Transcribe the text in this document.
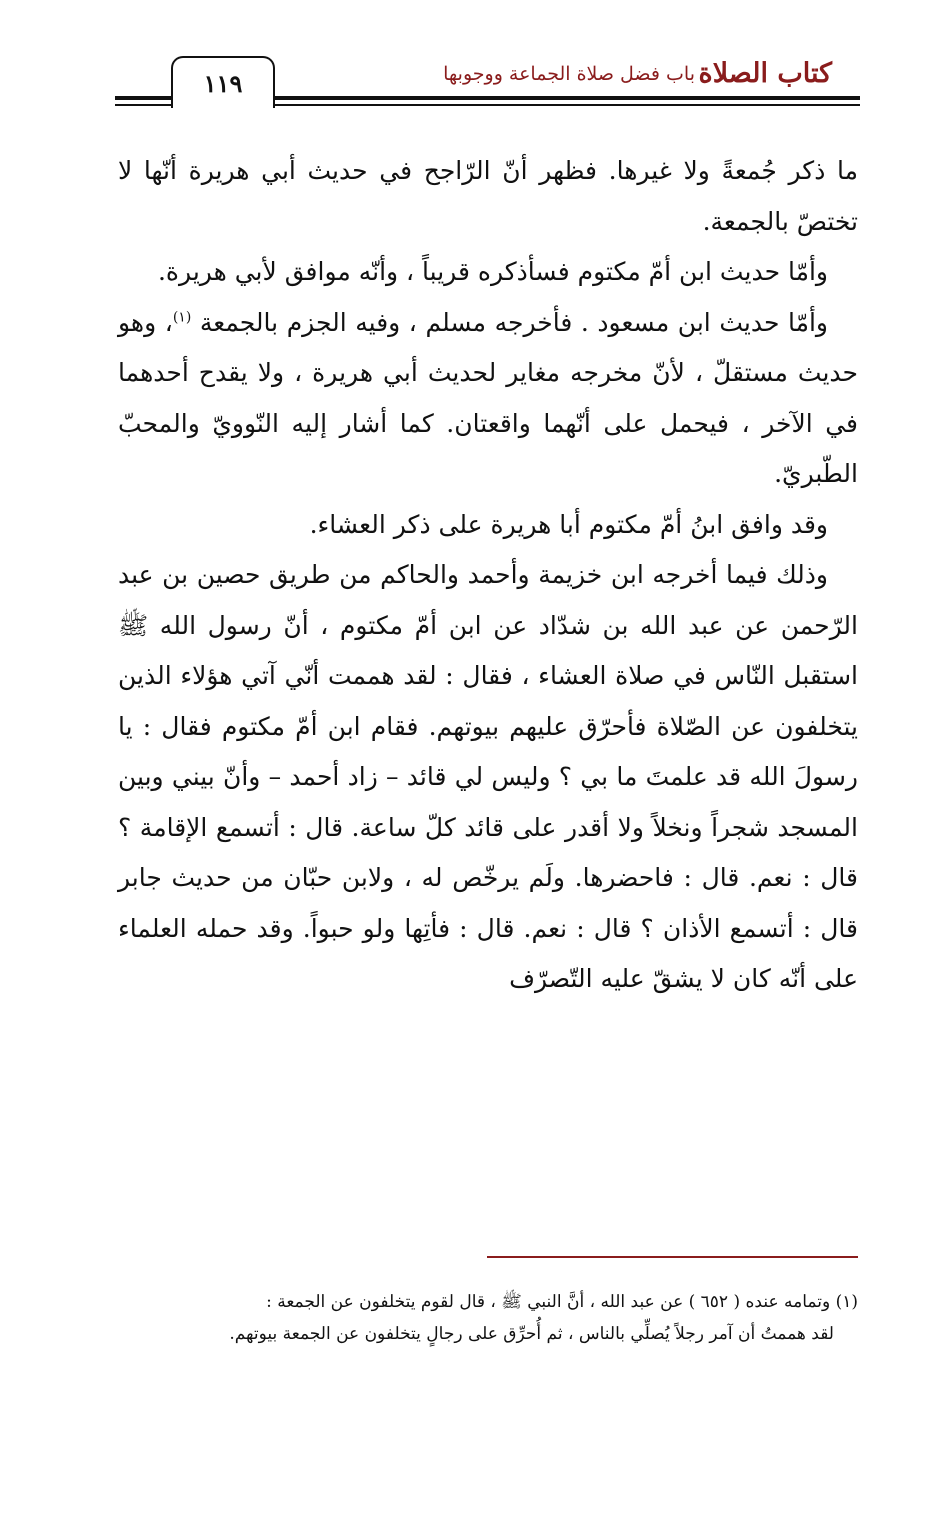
١١٩	كتاب الصلاة
باب فضل صلاة الجماعة ووجوبها

ما ذكر جُمعةً ولا غيرها. فظهر أنّ الرّاجح في حديث أبي هريرة أنّها لا تختصّ بالجمعة.

وأمّا حديث ابن أمّ مكتوم فسأذكره قريباً ، وأنّه موافق لأبي هريرة.

وأمّا حديث ابن مسعود . فأخرجه مسلم ، وفيه الجزم بالجمعة $^{(١)}$، وهو حديث مستقلّ ، لأنّ مخرجه مغاير لحديث أبي هريرة ، ولا يقدح أحدهما في الآخر ، فيحمل على أنّهما واقعتان. كما أشار إليه النّوويّ والمحبّ الطّبريّ.

وقد وافق ابنُ أمّ مكتوم أبا هريرة على ذكر العشاء.

وذلك فيما أخرجه ابن خزيمة وأحمد والحاكم من طريق حصين بن عبد الرّحمن عن عبد الله بن شدّاد عن ابن أمّ مكتوم ، أنّ رسول الله ﷺ استقبل النّاس في صلاة العشاء ، فقال : لقد هممت أنّي آتي هؤلاء الذين يتخلفون عن الصّلاة فأحرّق عليهم بيوتهم. فقام ابن أمّ مكتوم فقال : يا رسولَ الله قد علمتَ ما بي ؟ وليس لي قائد – زاد أحمد – وأنّ بيني وبين المسجد شجراً ونخلاً ولا أقدر على قائد كلّ ساعة. قال : أتسمع الإقامة ؟ قال : نعم. قال : فاحضرها. ولَم يرخّص له ، ولابن حبّان من حديث جابر قال : أتسمع الأذان ؟ قال : نعم. قال : فأتِها ولو حبواً. وقد حمله العلماء على أنّه كان لا يشقّ عليه التّصرّف

(١) وتمامه عنده ( ٦٥٢ ) عن عبد الله ، أنَّ النبي ﷺ ، قال لقوم يتخلفون عن الجمعة :
لقد هممتُ أن آمر رجلاً يُصلِّي بالناس ، ثم أُحرِّق على رجالٍ يتخلفون عن الجمعة بيوتهم.
